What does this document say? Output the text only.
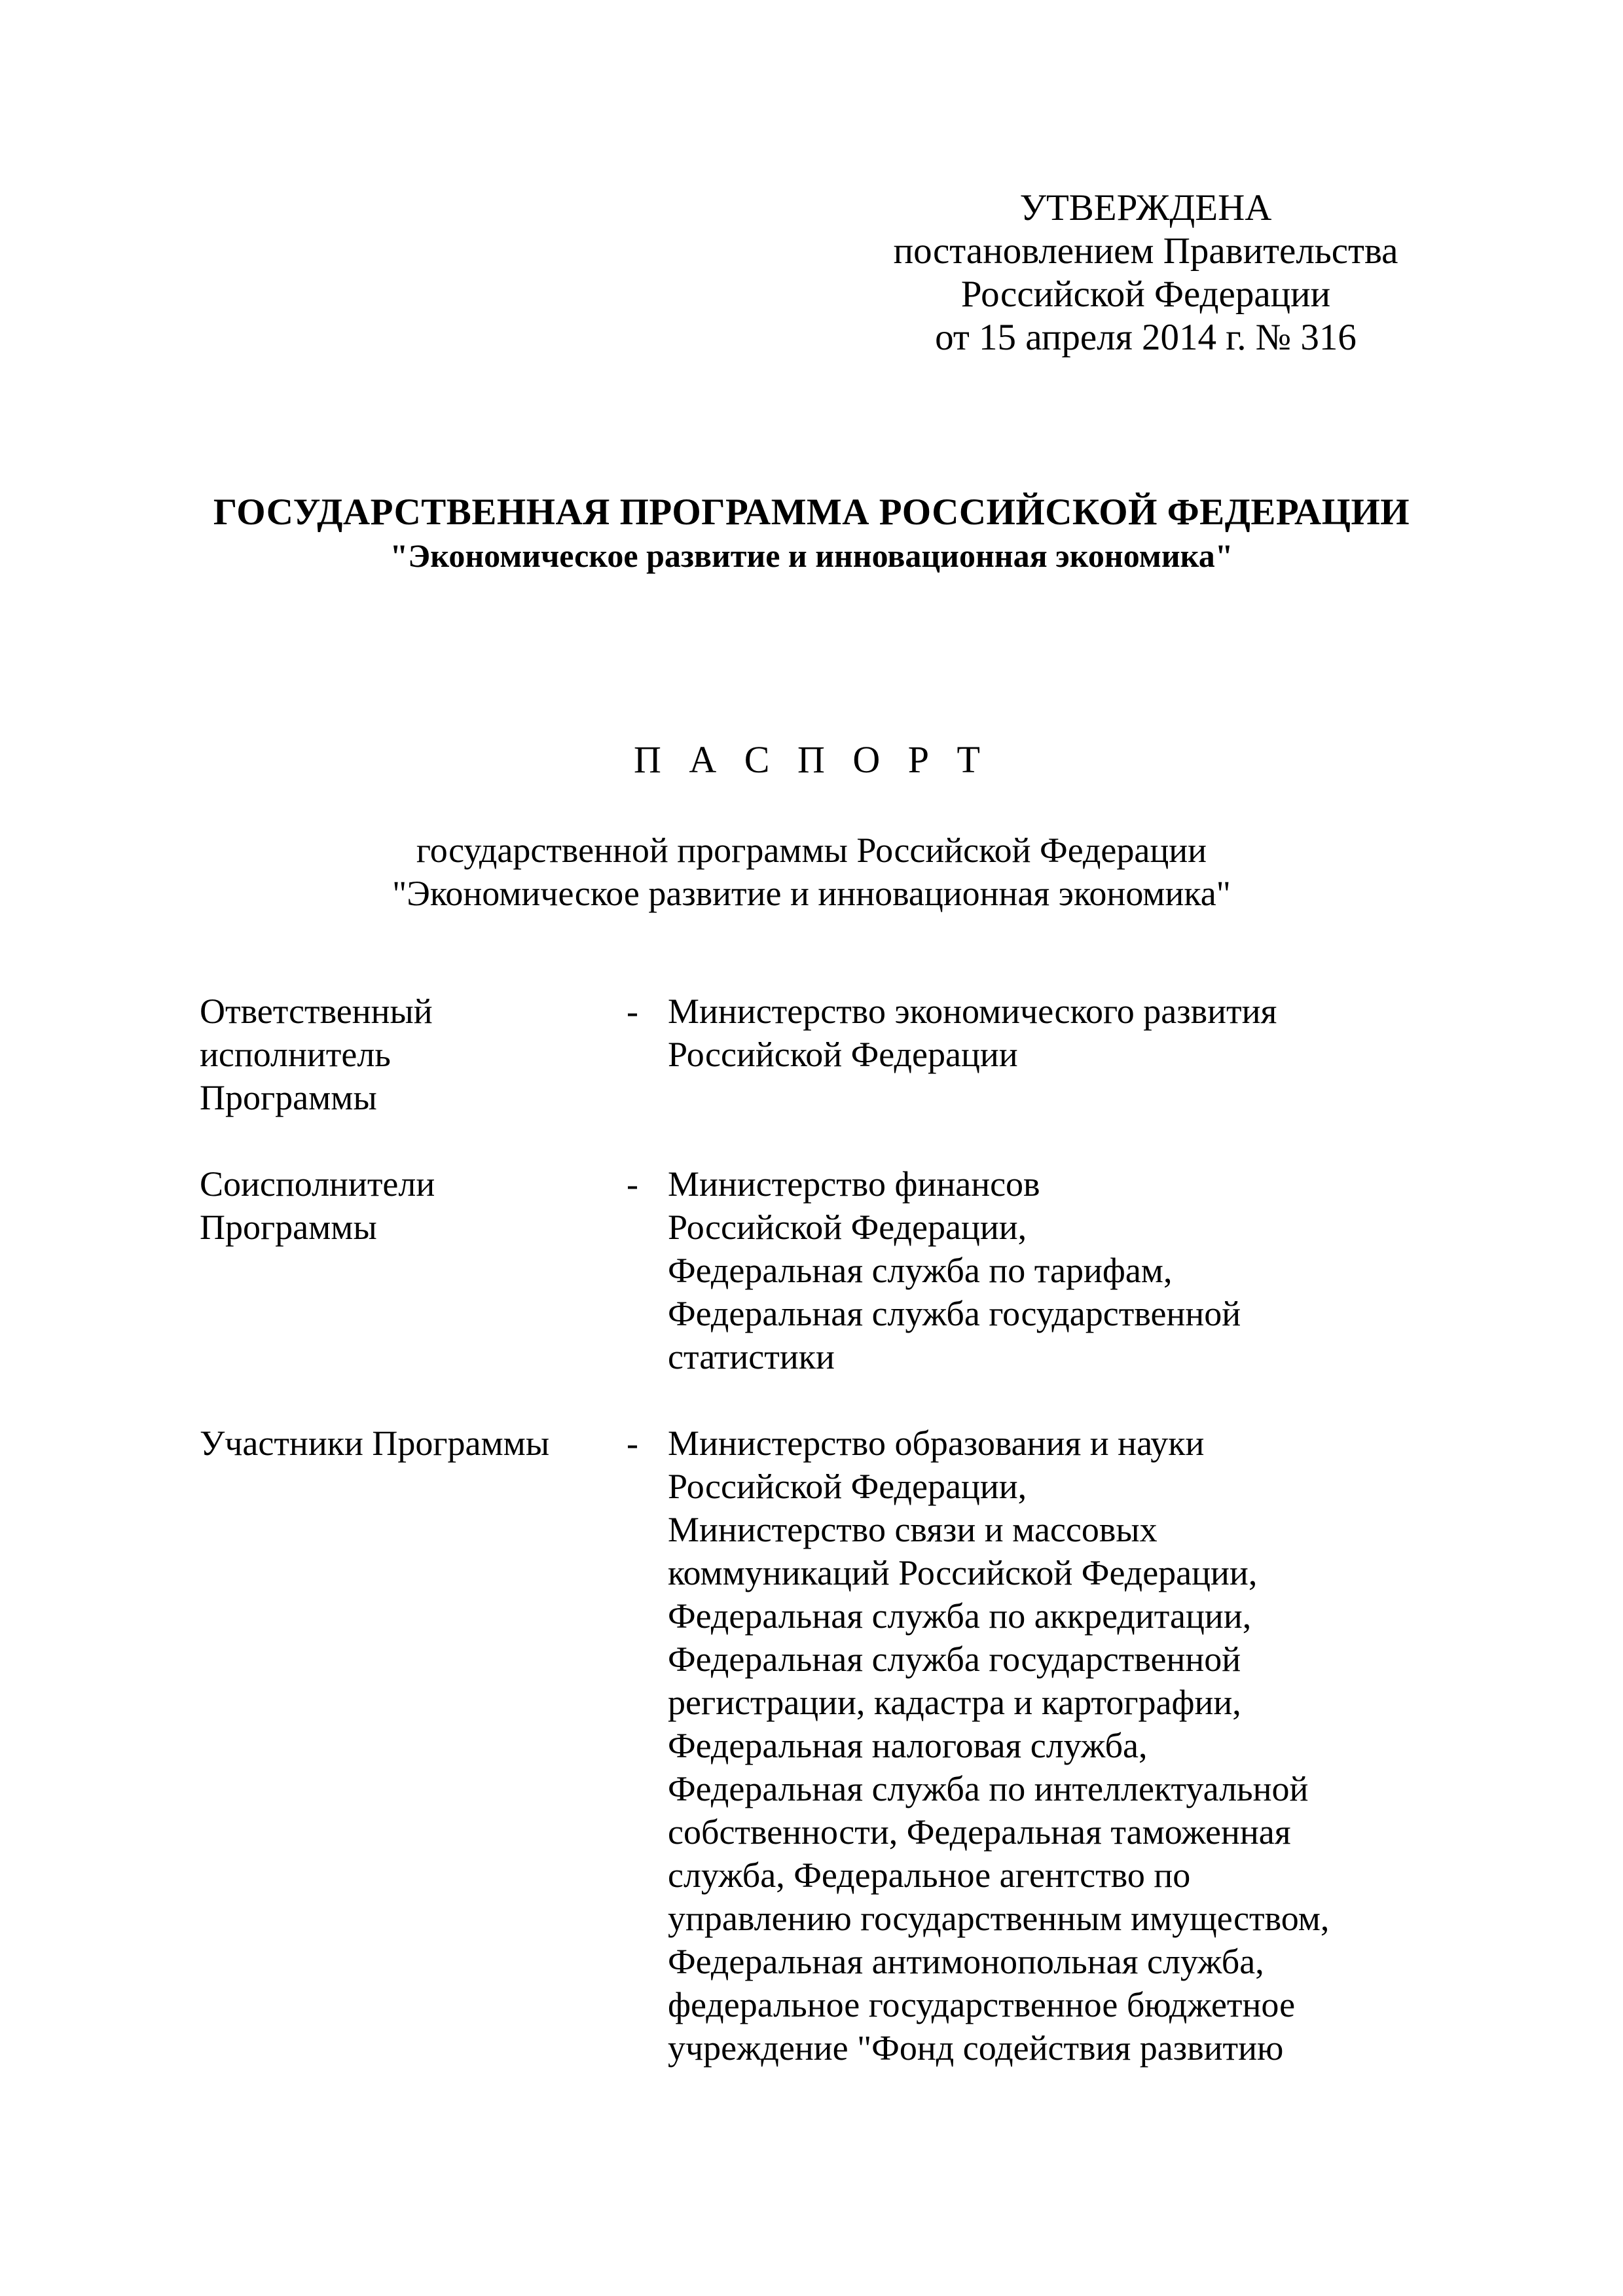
УТВЕРЖДЕНА
постановлением Правительства
Российской Федерации
от 15 апреля 2014 г. № 316
ГОСУДАРСТВЕННАЯ ПРОГРАММА РОССИЙСКОЙ ФЕДЕРАЦИИ
"Экономическое развитие и инновационная экономика"
П А С П О Р Т
государственной программы Российской Федерации
"Экономическое развитие и инновационная экономика"
Ответственный
исполнитель
Программы
- Министерство экономического развития
Российской Федерации
Соисполнители
Программы
- Министерство финансов
Российской Федерации,
Федеральная служба по тарифам,
Федеральная служба государственной
статистики
Участники Программы	- Министерство образования и науки
Российской Федерации,
Министерство связи и массовых
коммуникаций Российской Федерации,
Федеральная служба по аккредитации,
Федеральная служба государственной
регистрации, кадастра и картографии,
Федеральная налоговая служба,
Федеральная служба по интеллектуальной
собственности, Федеральная таможенная
служба, Федеральное агентство по
управлению государственным имуществом,
Федеральная антимонопольная служба,
федеральное государственное бюджетное
учреждение "Фонд содействия развитию
